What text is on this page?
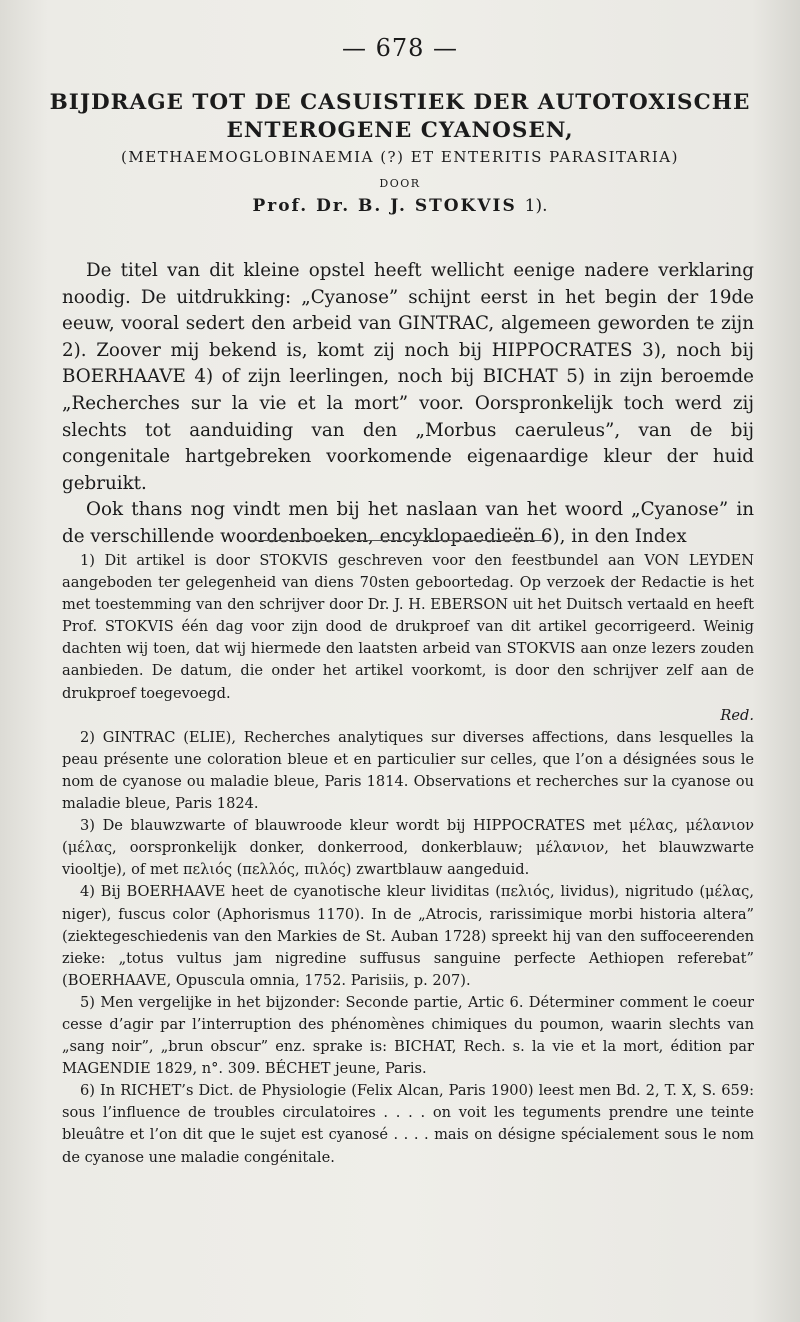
— 678 —
BIJDRAGE TOT DE CASUISTIEK DER AUTOTOXISCHE
ENTEROGENE CYANOSEN,
(METHAEMOGLOBINAEMIA (?) ET ENTERITIS PARASITARIA)
DOOR
Prof. Dr. B. J. STOKVIS 1).

De titel van dit kleine opstel heeft wellicht eenige nadere verklaring noodig. De uitdrukking: „Cyanose” schijnt eerst in het begin der 19de eeuw, vooral sedert den arbeid van GINTRAC, algemeen geworden te zijn 2). Zoover mij bekend is, komt zij noch bij HIPPOCRATES 3), noch bij BOERHAAVE 4) of zijn leerlingen, noch bij BICHAT 5) in zijn beroemde „Recherches sur la vie et la mort” voor. Oorspronkelijk toch werd zij slechts tot aanduiding van den „Morbus caeruleus”, van de bij congenitale hartgebreken voorkomende eigenaardige kleur der huid gebruikt.

Ook thans nog vindt men bij het naslaan van het woord „Cyanose” in de verschillende woordenboeken, encyklopaedieën 6), in den Index

1) Dit artikel is door STOKVIS geschreven voor den feestbundel aan VON LEYDEN aangeboden ter gelegenheid van diens 70sten geboortedag. Op verzoek der Redactie is het met toestemming van den schrijver door Dr. J. H. EBERSON uit het Duitsch vertaald en heeft Prof. STOKVIS één dag voor zijn dood de drukproef van dit artikel gecorrigeerd. Weinig dachten wij toen, dat wij hiermede den laatsten arbeid van STOKVIS aan onze lezers zouden aanbieden. De datum, die onder het artikel voorkomt, is door den schrijver zelf aan de drukproef toegevoegd.

Red.

2) GINTRAC (ELIE), Recherches analytiques sur diverses affections, dans lesquelles la peau présente une coloration bleue et en particulier sur celles, que l’on a désignées sous le nom de cyanose ou maladie bleue, Paris 1814. Observations et recherches sur la cyanose ou maladie bleue, Paris 1824.

3) De blauwzwarte of blauwroode kleur wordt bij HIPPOCRATES met μέλας, μέλανιον (μέλας, oorspronkelijk donker, donkerrood, donkerblauw; μέλανιον, het blauwzwarte viooltje), of met πελιός (πελλός, πιλός) zwartblauw aangeduid.

4) Bij BOERHAAVE heet de cyanotische kleur lividitas (πελιός, lividus), nigritudo (μέλας, niger), fuscus color (Aphorismus 1170). In de „Atrocis, rarissimique morbi historia altera” (ziektegeschiedenis van den Markies de St. Auban 1728) spreekt hij van den suffoceerenden zieke: „totus vultus jam nigredine suffusus sanguine perfecte Aethiopen referebat” (BOERHAAVE, Opuscula omnia, 1752. Parisiis, p. 207).

5) Men vergelijke in het bijzonder: Seconde partie, Artic 6. Déterminer comment le coeur cesse d’agir par l’interruption des phénomènes chimiques du poumon, waarin slechts van „sang noir”, „brun obscur” enz. sprake is: BICHAT, Rech. s. la vie et la mort, édition par MAGENDIE 1829, n°. 309. BÉCHET jeune, Paris.

6) In RICHET’s Dict. de Physiologie (Felix Alcan, Paris 1900) leest men Bd. 2, T. X, S. 659: sous l’influence de troubles circulatoires . . . . on voit les teguments prendre une teinte bleuâtre et l’on dit que le sujet est cyanosé . . . . mais on désigne spécialement sous le nom de cyanose une maladie congénitale.
